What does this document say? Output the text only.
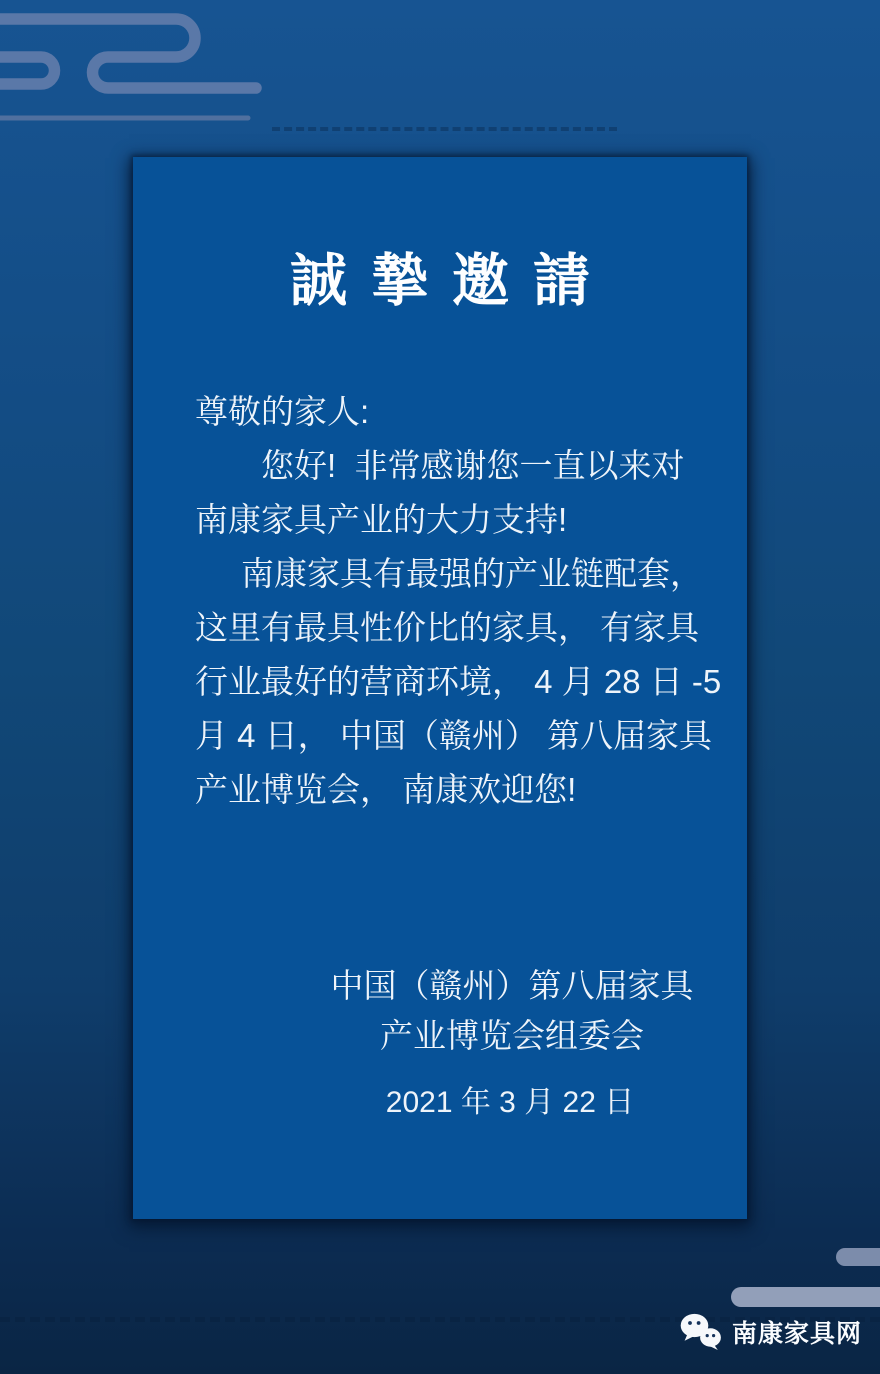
誠摯邀請
尊敬的家人:
您好!  非常感谢您一直以来对
南康家具产业的大力支持!
南康家具有最强的产业链配套，
这里有最具性价比的家具， 有家具
行业最好的营商环境， 4 月 28 日 -5
月 4 日， 中国（赣州） 第八届家具
产业博览会， 南康欢迎您!
中国（赣州）第八届家具
产业博览会组委会
2021 年 3 月 22 日
南康家具网
